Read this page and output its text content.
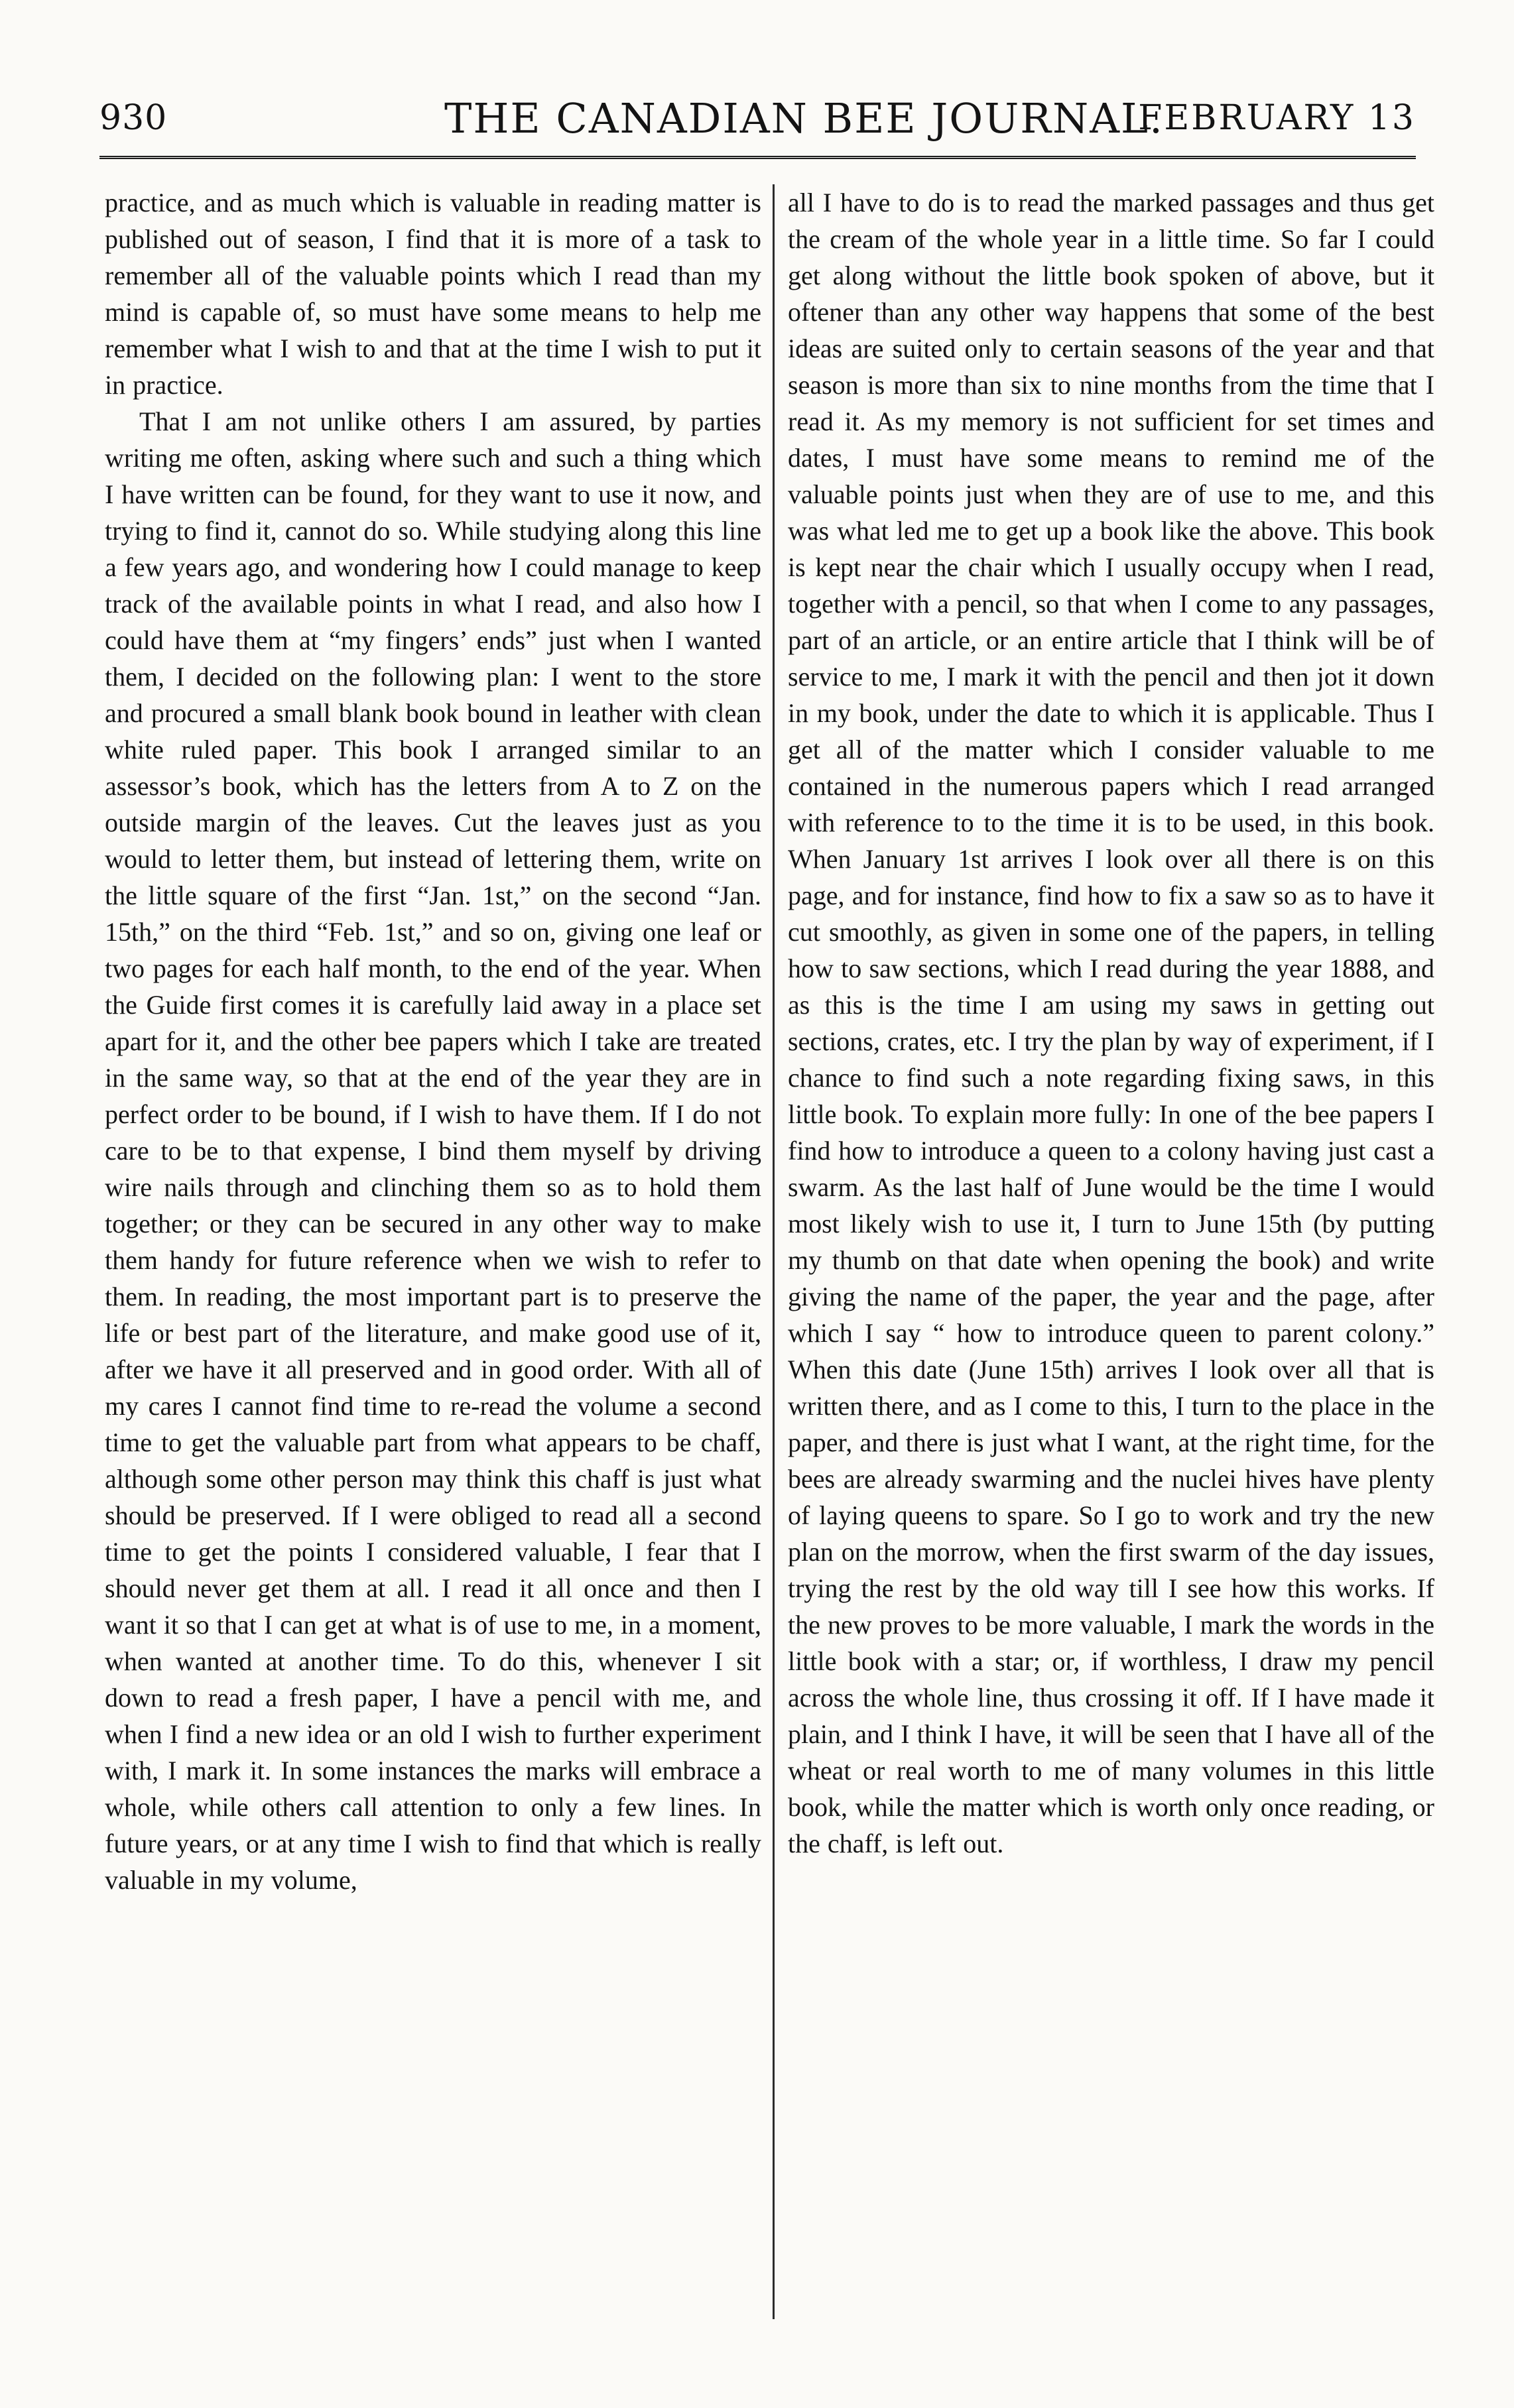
930	THE CANADIAN BEE JOURNAL.
FEBRUARY 13

practice, and as much which is valuable in reading matter is published out of season, I find that it is more of a task to remember all of the valuable points which I read than my mind is capable of, so must have some means to help me remember what I wish to and that at the time I wish to put it in practice.

That I am not unlike others I am assured, by parties writing me often, asking where such and such a thing which I have written can be found, for they want to use it now, and trying to find it, cannot do so. While studying along this line a few years ago, and wondering how I could manage to keep track of the available points in what I read, and also how I could have them at “my fingers’ ends” just when I wanted them, I decided on the following plan: I went to the store and procured a small blank book bound in leather with clean white ruled paper. This book I arranged similar to an assessor’s book, which has the letters from A to Z on the outside margin of the leaves. Cut the leaves just as you would to letter them, but instead of lettering them, write on the little square of the first “Jan. 1st,” on the second “Jan. 15th,” on the third “Feb. 1st,” and so on, giving one leaf or two pages for each half month, to the end of the year. When the Guide first comes it is carefully laid away in a place set apart for it, and the other bee papers which I take are treated in the same way, so that at the end of the year they are in perfect order to be bound, if I wish to have them. If I do not care to be to that expense, I bind them myself by driving wire nails through and clinching them so as to hold them together; or they can be secured in any other way to make them handy for future reference when we wish to refer to them. In reading, the most important part is to preserve the life or best part of the literature, and make good use of it, after we have it all preserved and in good order. With all of my cares I cannot find time to re-read the volume a second time to get the valuable part from what appears to be chaff, although some other person may think this chaff is just what should be preserved. If I were obliged to read all a second time to get the points I considered valuable, I fear that I should never get them at all. I read it all once and then I want it so that I can get at what is of use to me, in a moment, when wanted at another time. To do this, whenever I sit down to read a fresh paper, I have a pencil with me, and when I find a new idea or an old I wish to further experiment with, I mark it. In some instances the marks will embrace a whole, while others call attention to only a few lines. In future years, or at any time I wish to find that which is really valuable in my volume,

all I have to do is to read the marked passages and thus get the cream of the whole year in a little time. So far I could get along without the little book spoken of above, but it oftener than any other way happens that some of the best ideas are suited only to certain seasons of the year and that season is more than six to nine months from the time that I read it. As my memory is not sufficient for set times and dates, I must have some means to remind me of the valuable points just when they are of use to me, and this was what led me to get up a book like the above. This book is kept near the chair which I usually occupy when I read, together with a pencil, so that when I come to any passages, part of an article, or an entire article that I think will be of service to me, I mark it with the pencil and then jot it down in my book, under the date to which it is applicable. Thus I get all of the matter which I consider valuable to me contained in the numerous papers which I read arranged with reference to to the time it is to be used, in this book. When January 1st arrives I look over all there is on this page, and for instance, find how to fix a saw so as to have it cut smoothly, as given in some one of the papers, in telling how to saw sections, which I read during the year 1888, and as this is the time I am using my saws in getting out sections, crates, etc. I try the plan by way of experiment, if I chance to find such a note regarding fixing saws, in this little book. To explain more fully: In one of the bee papers I find how to introduce a queen to a colony having just cast a swarm. As the last half of June would be the time I would most likely wish to use it, I turn to June 15th (by putting my thumb on that date when opening the book) and write giving the name of the paper, the year and the page, after which I say “ how to introduce queen to parent colony.” When this date (June 15th) arrives I look over all that is written there, and as I come to this, I turn to the place in the paper, and there is just what I want, at the right time, for the bees are already swarming and the nuclei hives have plenty of laying queens to spare. So I go to work and try the new plan on the morrow, when the first swarm of the day issues, trying the rest by the old way till I see how this works. If the new proves to be more valuable, I mark the words in the little book with a star; or, if worthless, I draw my pencil across the whole line, thus crossing it off. If I have made it plain, and I think I have, it will be seen that I have all of the wheat or real worth to me of many volumes in this little book, while the matter which is worth only once reading, or the chaff, is left out.
